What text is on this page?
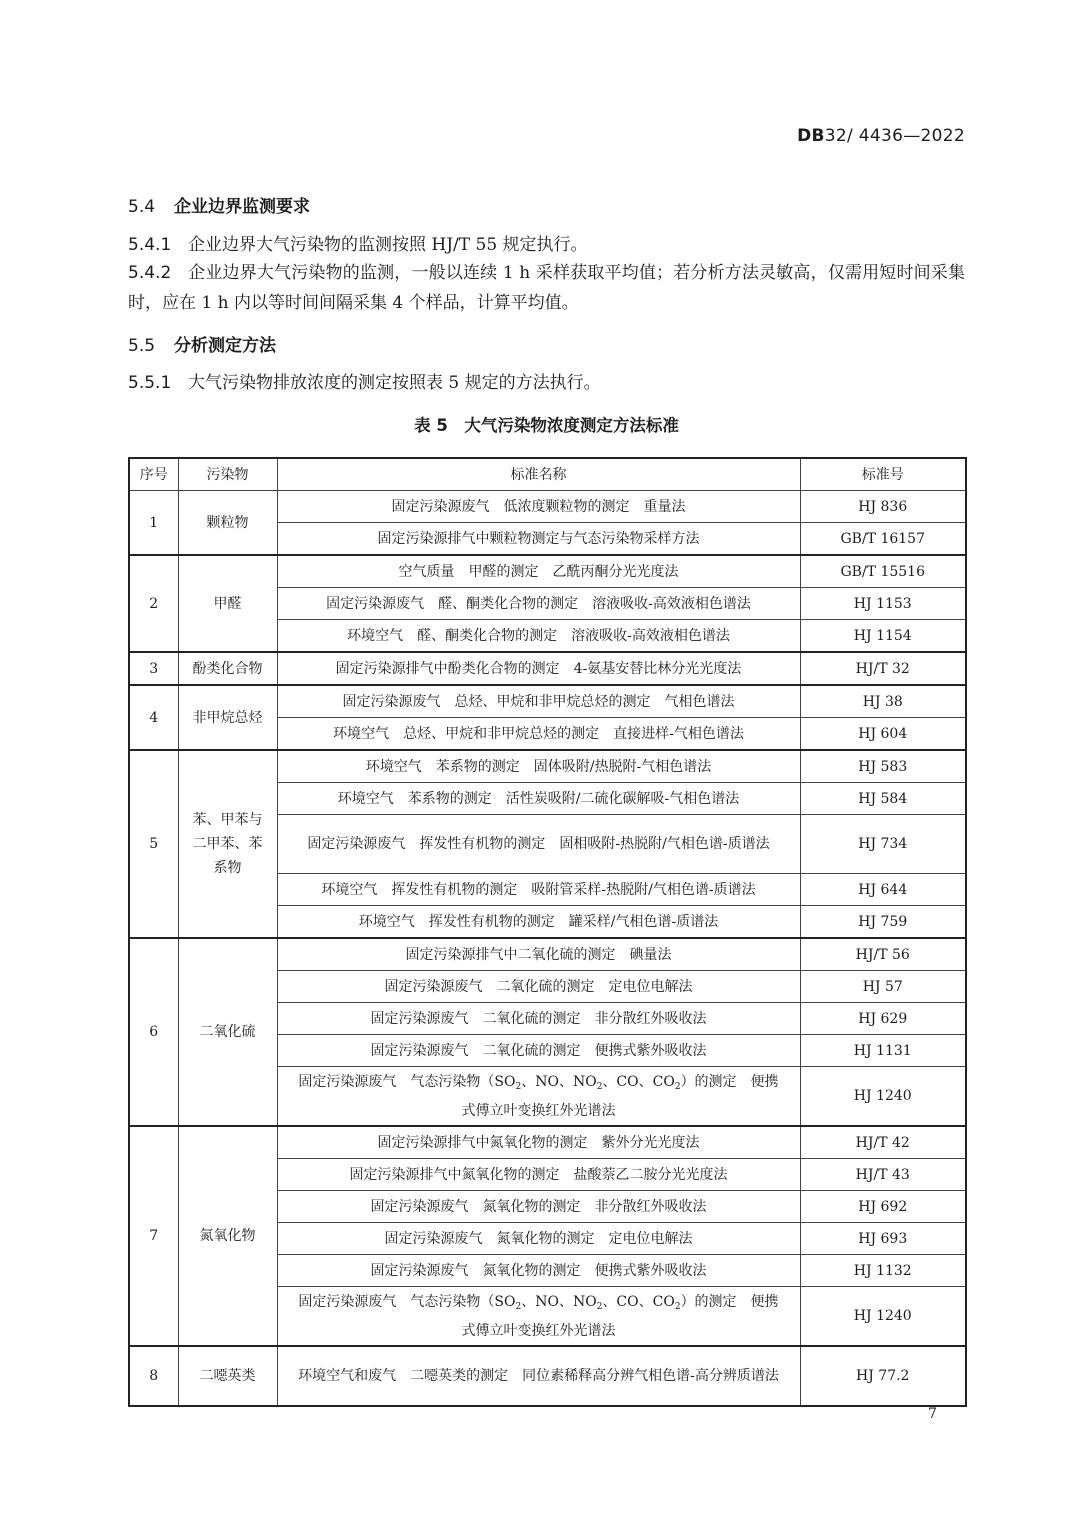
DB32/ 4436—2022
5.4 企业边界监测要求
5.4.1 企业边界大气污染物的监测按照 HJ/T 55 规定执行。
5.4.2 企业边界大气污染物的监测，一般以连续 1 h 采样获取平均值；若分析方法灵敏高，仅需用短时间采集时，应在 1 h 内以等时间间隔采集 4 个样品，计算平均值。
5.5 分析测定方法
5.5.1 大气污染物排放浓度的测定按照表 5 规定的方法执行。
表 5　大气污染物浓度测定方法标准
序号	污染物	标准名称	标准号
1	颗粒物	固定污染源废气　低浓度颗粒物的测定　重量法	HJ 836
		固定污染源排气中颗粒物测定与气态污染物采样方法	GB/T 16157
2	甲醛	空气质量　甲醛的测定　乙酰丙酮分光光度法	GB/T 15516
		固定污染源废气　醛、酮类化合物的测定　溶液吸收-高效液相色谱法	HJ 1153
		环境空气　醛、酮类化合物的测定　溶液吸收-高效液相色谱法	HJ 1154
3	酚类化合物	固定污染源排气中酚类化合物的测定　4-氨基安替比林分光光度法	HJ/T 32
4	非甲烷总烃	固定污染源废气　总烃、甲烷和非甲烷总烃的测定　气相色谱法	HJ 38
		环境空气　总烃、甲烷和非甲烷总烃的测定　直接进样-气相色谱法	HJ 604
5	苯、甲苯与二甲苯、苯系物	环境空气　苯系物的测定　固体吸附/热脱附-气相色谱法	HJ 583
		环境空气　苯系物的测定　活性炭吸附/二硫化碳解吸-气相色谱法	HJ 584
		固定污染源废气　挥发性有机物的测定　固相吸附-热脱附/气相色谱-质谱法	HJ 734
		环境空气　挥发性有机物的测定　吸附管采样-热脱附/气相色谱-质谱法	HJ 644
		环境空气　挥发性有机物的测定　罐采样/气相色谱-质谱法	HJ 759
6	二氧化硫	固定污染源排气中二氧化硫的测定　碘量法	HJ/T 56
		固定污染源废气　二氧化硫的测定　定电位电解法	HJ 57
		固定污染源废气　二氧化硫的测定　非分散红外吸收法	HJ 629
		固定污染源废气　二氧化硫的测定　便携式紫外吸收法	HJ 1131
		固定污染源废气　气态污染物（$SO_2$、NO、$NO_2$、CO、$CO_2$）的测定　便携式傅立叶变换红外光谱法	HJ 1240
7	氮氧化物	固定污染源排气中氮氧化物的测定　紫外分光光度法	HJ/T 42
		固定污染源排气中氮氧化物的测定　盐酸萘乙二胺分光光度法	HJ/T 43
		固定污染源废气　氮氧化物的测定　非分散红外吸收法	HJ 692
		固定污染源废气　氮氧化物的测定　定电位电解法	HJ 693
		固定污染源废气　氮氧化物的测定　便携式紫外吸收法	HJ 1132
		固定污染源废气　气态污染物（$SO_2$、NO、$NO_2$、CO、$CO_2$）的测定　便携式傅立叶变换红外光谱法	HJ 1240
8	二噁英类	环境空气和废气　二噁英类的测定　同位素稀释高分辨气相色谱-高分辨质谱法	HJ 77.2
7
